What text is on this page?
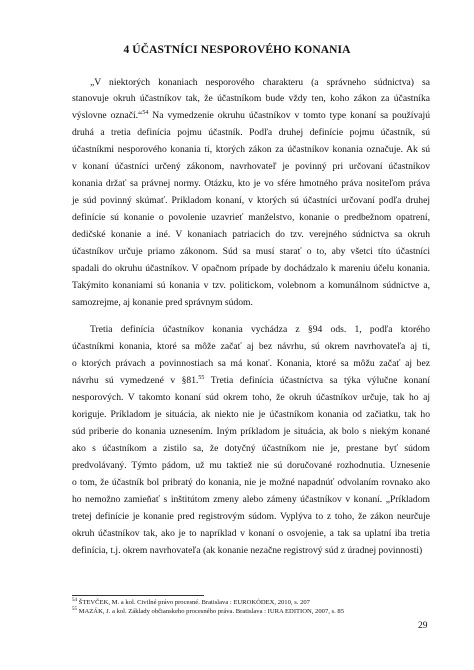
4 ÚČASTNÍCI NESPOROVÉHO KONANIA
„V niektorých konaniach nesporového charakteru (a správneho súdnictva) sa
stanovuje okruh účastníkov tak, že účastníkom bude vždy ten, koho zákon za účastníka
výslovne označí.“$^{54}$ Na vymedzenie okruhu účastníkov v tomto type konaní sa používajú
druhá a tretia definícia pojmu účastník. Podľa druhej definície pojmu účastník, sú
účastníkmi nesporového konania tí, ktorých zákon za účastníkov konania označuje. Ak sú
v konaní účastníci určený zákonom, navrhovateľ je povinný pri určovaní účastníkov
konania držať sa právnej normy. Otázku, kto je vo sfére hmotného práva nositeľom práva
je súd povinný skúmať. Prikladom konaní, v ktorých sú účastníci určovaní podľa druhej
definície sú konanie o povolenie uzavrieť manželstvo, konanie o predbežnom opatrení,
dedičské konanie a iné. V konaniach patriacich do tzv. verejného súdnictva sa okruh
účastníkov určuje priamo zákonom. Súd sa musí starať o to, aby všetci títo účastníci
spadali do okruhu účastníkov. V opačnom prípade by dochádzalo k mareniu účelu konania.
Takýmito konaniami sú konania v tzv. politickom, volebnom a komunálnom súdnictve a,
samozrejme, aj konanie pred správnym súdom.
Tretia definícia účastníkov konania vychádza z §94 ods. 1, podľa ktorého
účastníkmi konania, ktoré sa môže začať aj bez návrhu, sú okrem navrhovateľa aj ti,
o ktorých právach a povinnostiach sa má konať. Konania, ktoré sa môžu začať aj bez
návrhu sú vymedzené v §81.55 Tretia definícia účastníctva sa týka výlučne konaní
nesporových. V takomto konaní súd okrem toho, že okruh účastníkov určuje, tak ho aj
koriguje. Príkladom je situácia, ak niekto nie je účastníkom konania od začiatku, tak ho
súd priberie do konania uznesením. Iným príkladom je situácia, ak bolo s niekým konané
ako s účastníkom a zistilo sa, že dotyčný účastníkom nie je, prestane byť súdom
predvolávaný. Týmto pádom, už mu taktiež nie sú doručované rozhodnutia. Uznesenie
o tom, že účastník bol pribratý do konania, nie je možné napadnúť odvolaním rovnako ako
ho nemožno zamieňať s inštitútom zmeny alebo zámeny účastníkov v konaní. „Príkladom
tretej definície je konanie pred registrovým súdom. Vyplýva to z toho, že zákon neurčuje
okruh účastníkov tak, ako je to napríklad v konaní o osvojenie, a tak sa uplatní iba tretia
definícia, t.j. okrem navrhovateľa (ak konanie nezačne registrový súd z úradnej povinnosti)
$^{54}$ ŠTEVČEK, M. a kol. Civilné právo procesné. Bratislava : EUROKÓDEX, 2010, s. 207
$^{55}$ MAZÁK, J. a kol. Základy občianskeho procesného práva. Bratislava : IURA EDITION, 2007, s. 85
29
